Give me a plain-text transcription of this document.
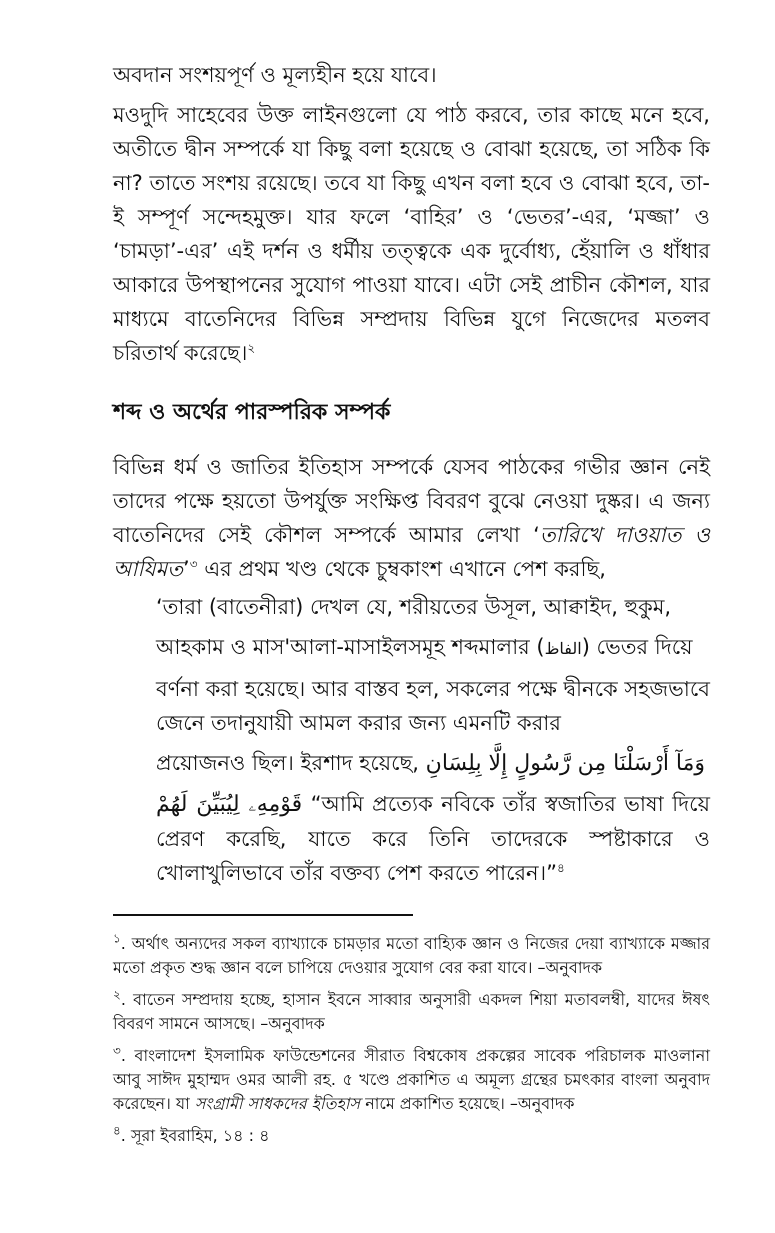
অবদান সংশয়পূর্ণ ও মূল্যহীন হয়ে যাবে।

মওদুদি সাহেবের উক্ত লাইনগুলো যে পাঠ করবে, তার কাছে মনে হবে, অতীতে দ্বীন সম্পর্কে যা কিছু বলা হয়েছে ও বোঝা হয়েছে, তা সঠিক কি না? তাতে সংশয় রয়েছে। তবে যা কিছু এখন বলা হবে ও বোঝা হবে, তা-ই সম্পূর্ণ সন্দেহমুক্ত। যার ফলে ‘বাহির’ ও ‘ভেতর’-এর, ‘মজ্জা’ ও ‘চামড়া’-এর’ এই দর্শন ও ধর্মীয় তত্ত্বকে এক দুর্বোধ্য, হেঁয়ালি ও ধাঁধার আকারে উপস্থাপনের সুযোগ পাওয়া যাবে। এটা সেই প্রাচীন কৌশল, যার মাধ্যমে বাতেনিদের বিভিন্ন সম্প্রদায় বিভিন্ন যুগে নিজেদের মতলব চরিতার্থ করেছে।$^২$

শব্দ ও অর্থের পারস্পরিক সম্পর্ক

বিভিন্ন ধর্ম ও জাতির ইতিহাস সম্পর্কে যেসব পাঠকের গভীর জ্ঞান নেই তাদের পক্ষে হয়তো উপর্যুক্ত সংক্ষিপ্ত বিবরণ বুঝে নেওয়া দুষ্কর। এ জন্য বাতেনিদের সেই কৌশল সম্পর্কে আমার লেখা ‘তারিখে দাওয়াত ও আযিমত’$^৩$ এর প্রথম খণ্ড থেকে চুম্বকাংশ এখানে পেশ করছি,

‘তারা (বাতেনীরা) দেখল যে, শরীয়তের উসূল, আক্বাইদ, হুকুম,
আহকাম ও মাস'আলা-মাসাইলসমূহ শব্দমালার (الفاظ) ভেতর দিয়ে
বর্ণনা করা হয়েছে। আর বাস্তব হল, সকলের পক্ষে দ্বীনকে সহজভাবে জেনে তদানুযায়ী আমল করার জন্য এমনটি করার
প্রয়োজনও ছিল। ইরশাদ হয়েছে, وَمَآ أَرْسَلْنَا مِن رَّسُولٍ إِلَّا بِلِسَانِ
قَوْمِهِۦ لِيُبَيِّنَ لَهُمْ “আমি প্রত্যেক নবিকে তাঁর স্বজাতির ভাষা দিয়ে প্রেরণ করেছি, যাতে করে তিনি তাদেরকে স্পষ্টাকারে ও খোলাখুলিভাবে তাঁর বক্তব্য পেশ করতে পারেন।”$^৪$

$^১$. অর্থাৎ অন্যদের সকল ব্যাখ্যাকে চামড়ার মতো বাহ্যিক জ্ঞান ও নিজের দেয়া ব্যাখ্যাকে মজ্জার মতো প্রকৃত শুদ্ধ জ্ঞান বলে চাপিয়ে দেওয়ার সুযোগ বের করা যাবে। –অনুবাদক

$^২$. বাতেন সম্প্রদায় হচ্ছে, হাসান ইবনে সাব্বার অনুসারী একদল শিয়া মতাবলম্বী, যাদের ঈষৎ বিবরণ সামনে আসছে। –অনুবাদক

$^৩$. বাংলাদেশ ইসলামিক ফাউন্ডেশনের সীরাত বিশ্বকোষ প্রকল্পের সাবেক পরিচালক মাওলানা আবু সাঈদ মুহাম্মদ ওমর আলী রহ. ৫ খণ্ডে প্রকাশিত এ অমূল্য গ্রন্থের চমৎকার বাংলা অনুবাদ করেছেন। যা সংগ্রামী সাধকদের ইতিহাস নামে প্রকাশিত হয়েছে। –অনুবাদক

$^৪$. সূরা ইবরাহিম, ১৪ : ৪
